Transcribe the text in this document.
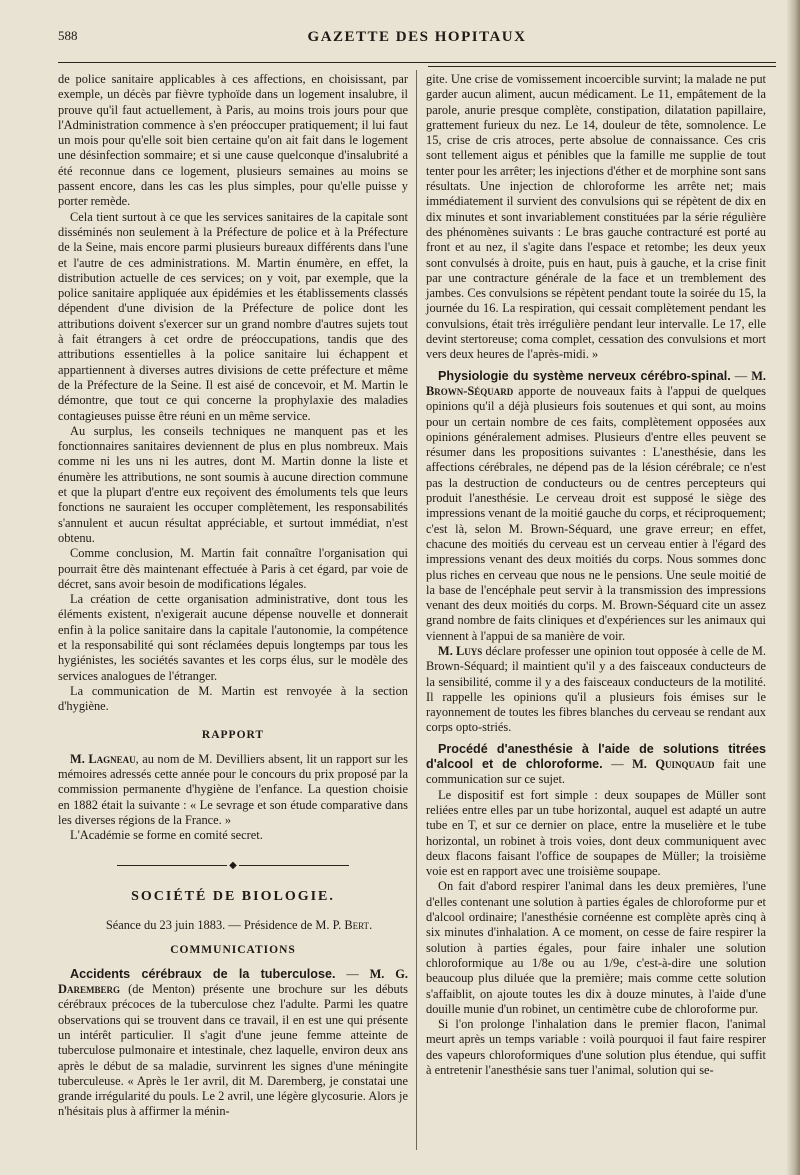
588	GAZETTE DES HOPITAUX

de police sanitaire applicables à ces affections, en choisissant, par exemple, un décès par fièvre typhoïde dans un logement insalubre, il prouve qu'il faut actuellement, à Paris, au moins trois jours pour que l'Administration commence à s'en préoccuper pratiquement; il lui faut un mois pour qu'elle soit bien certaine qu'on ait fait dans le logement une désinfection sommaire; et si une cause quelconque d'insalubrité a été reconnue dans ce logement, plusieurs semaines au moins se passent encore, dans les cas les plus simples, pour qu'elle puisse y porter remède.

Cela tient surtout à ce que les services sanitaires de la capitale sont disséminés non seulement à la Préfecture de police et à la Préfecture de la Seine, mais encore parmi plusieurs bureaux différents dans l'une et l'autre de ces administrations. M. Martin énumère, en effet, la distribution actuelle de ces services; on y voit, par exemple, que la police sanitaire appliquée aux épidémies et les établissements classés dépendent d'une division de la Préfecture de police dont les attributions doivent s'exercer sur un grand nombre d'autres sujets tout à fait étrangers à cet ordre de préoccupations, tandis que des attributions essentielles à la police sanitaire lui échappent et appartiennent à diverses autres divisions de cette préfecture et même de la Préfecture de la Seine. Il est aisé de concevoir, et M. Martin le démontre, que tout ce qui concerne la prophylaxie des maladies contagieuses puisse être réuni en un même service.

Au surplus, les conseils techniques ne manquent pas et les fonctionnaires sanitaires deviennent de plus en plus nombreux. Mais comme ni les uns ni les autres, dont M. Martin donne la liste et énumère les attributions, ne sont soumis à aucune direction commune et que la plupart d'entre eux reçoivent des émoluments tels que leurs fonctions ne sauraient les occuper complètement, les responsabilités s'annulent et aucun résultat appréciable, et surtout immédiat, n'est obtenu.

Comme conclusion, M. Martin fait connaître l'organisation qui pourrait être dès maintenant effectuée à Paris à cet égard, par voie de décret, sans avoir besoin de modifications légales.

La création de cette organisation administrative, dont tous les éléments existent, n'exigerait aucune dépense nouvelle et donnerait enfin à la police sanitaire dans la capitale l'autonomie, la compétence et la responsabilité qui sont réclamées depuis longtemps par tous les hygiénistes, les sociétés savantes et les corps élus, sur le modèle des services analogues de l'étranger.

La communication de M. Martin est renvoyée à la section d'hygiène.

RAPPORT

M. Lagneau, au nom de M. Devilliers absent, lit un rapport sur les mémoires adressés cette année pour le concours du prix proposé par la commission permanente d'hygiène de l'enfance. La question choisie en 1882 était la suivante : « Le sevrage et son étude comparative dans les diverses régions de la France. »

L'Académie se forme en comité secret.

◆
SOCIÉTÉ DE BIOLOGIE.

Séance du 23 juin 1883. — Présidence de M. P. Bert.

COMMUNICATIONS

Accidents cérébraux de la tuberculose. — M. G. Daremberg (de Menton) présente une brochure sur les débuts cérébraux précoces de la tuberculose chez l'adulte. Parmi les quatre observations qui se trouvent dans ce travail, il en est une qui présente un intérêt particulier. Il s'agit d'une jeune femme atteinte de tuberculose pulmonaire et intestinale, chez laquelle, environ deux ans après le début de sa maladie, survinrent les signes d'une méningite tuberculeuse. « Après le 1er avril, dit M. Daremberg, je constatai une grande irrégularité du pouls. Le 2 avril, une légère glycosurie. Alors je n'hésitais plus à affirmer la ménin-

gite. Une crise de vomissement incoercible survint; la malade ne put garder aucun aliment, aucun médicament. Le 11, empâtement de la parole, anurie presque complète, constipation, dilatation papillaire, grattement furieux du nez. Le 14, douleur de tête, somnolence. Le 15, crise de cris atroces, perte absolue de connaissance. Ces cris sont tellement aigus et pénibles que la famille me supplie de tout tenter pour les arrêter; les injections d'éther et de morphine sont sans résultats. Une injection de chloroforme les arrête net; mais immédiatement il survient des convulsions qui se répètent de dix en dix minutes et sont invariablement constituées par la série régulière des phénomènes suivants : Le bras gauche contracturé est porté au front et au nez, il s'agite dans l'espace et retombe; les deux yeux sont convulsés à droite, puis en haut, puis à gauche, et la crise finit par une contracture générale de la face et un tremblement des jambes. Ces convulsions se répètent pendant toute la soirée du 15, la journée du 16. La respiration, qui cessait complètement pendant les convulsions, était très irrégulière pendant leur intervalle. Le 17, elle devint stertoreuse; coma complet, cessation des convulsions et mort vers deux heures de l'après-midi. »

Physiologie du système nerveux cérébro-spinal. — M. Brown-Séquard apporte de nouveaux faits à l'appui de quelques opinions qu'il a déjà plusieurs fois soutenues et qui sont, au moins pour un certain nombre de ces faits, complètement opposées aux opinions généralement admises. Plusieurs d'entre elles peuvent se résumer dans les propositions suivantes : L'anesthésie, dans les affections cérébrales, ne dépend pas de la lésion cérébrale; ce n'est pas la destruction de conducteurs ou de centres percepteurs qui produit l'anesthésie. Le cerveau droit est supposé le siège des impressions venant de la moitié gauche du corps, et réciproquement; c'est là, selon M. Brown-Séquard, une grave erreur; en effet, chacune des moitiés du cerveau est un cerveau entier à l'égard des impressions venant des deux moitiés du corps. Nous sommes donc plus riches en cerveau que nous ne le pensions. Une seule moitié de la base de l'encéphale peut servir à la transmission des impressions venant des deux moitiés du corps. M. Brown-Séquard cite un assez grand nombre de faits cliniques et d'expériences sur les animaux qui viennent à l'appui de sa manière de voir.

M. Luys déclare professer une opinion tout opposée à celle de M. Brown-Séquard; il maintient qu'il y a des faisceaux conducteurs de la sensibilité, comme il y a des faisceaux conducteurs de la motilité. Il rappelle les opinions qu'il a plusieurs fois émises sur le rayonnement de toutes les fibres blanches du cerveau se rendant aux corps opto-striés.

Procédé d'anesthésie à l'aide de solutions titrées d'alcool et de chloroforme. — M. Quinquaud fait une communication sur ce sujet.

Le dispositif est fort simple : deux soupapes de Müller sont reliées entre elles par un tube horizontal, auquel est adapté un autre tube en T, et sur ce dernier on place, entre la muselière et le tube horizontal, un robinet à trois voies, dont deux communiquent avec deux flacons faisant l'office de soupapes de Müller; la troisième voie est en rapport avec une troisième soupape.

On fait d'abord respirer l'animal dans les deux premières, l'une d'elles contenant une solution à parties égales de chloroforme pur et d'alcool ordinaire; l'anesthésie cornéenne est complète après cinq à six minutes d'inhalation. A ce moment, on cesse de faire respirer la solution à parties égales, pour faire inhaler une solution chloroformique au 1/8e ou au 1/9e, c'est-à-dire une solution beaucoup plus diluée que la première; mais comme cette solution s'affaiblit, on ajoute toutes les dix à douze minutes, à l'aide d'une douille munie d'un robinet, un centimètre cube de chloroforme pur.

Si l'on prolonge l'inhalation dans le premier flacon, l'animal meurt après un temps variable : voilà pourquoi il faut faire respirer des vapeurs chloroformiques d'une solution plus étendue, qui suffit à entretenir l'anesthésie sans tuer l'animal, solution qui se-
